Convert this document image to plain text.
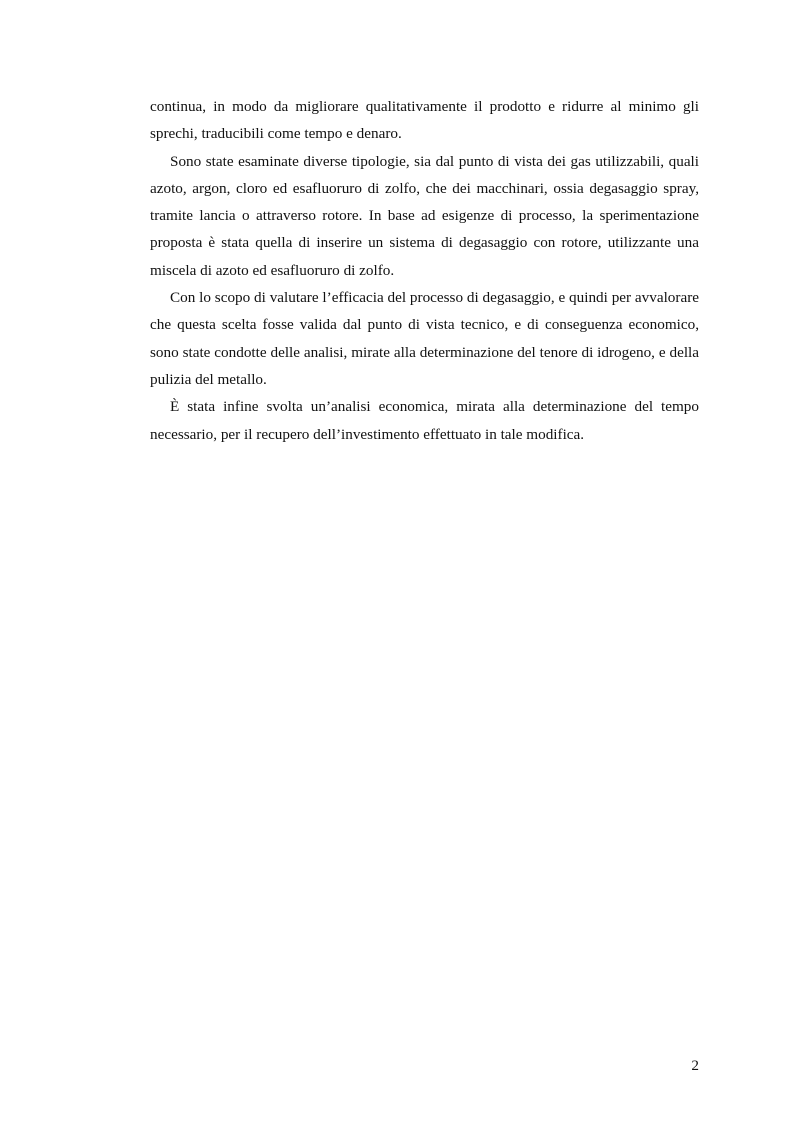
continua, in modo da migliorare qualitativamente il prodotto e ridurre al minimo gli sprechi, traducibili come tempo e denaro.

Sono state esaminate diverse tipologie, sia dal punto di vista dei gas utilizzabili, quali azoto, argon, cloro ed esafluoruro di zolfo, che dei macchinari, ossia degasaggio spray, tramite lancia o attraverso rotore. In base ad esigenze di processo, la sperimentazione proposta è stata quella di inserire un sistema di degasaggio con rotore, utilizzante una miscela di azoto ed esafluoruro di zolfo.

Con lo scopo di valutare l’efficacia del processo di degasaggio, e quindi per avvalorare che questa scelta fosse valida dal punto di vista tecnico, e di conseguenza economico, sono state condotte delle analisi, mirate alla determinazione del tenore di idrogeno, e della pulizia del metallo.

È stata infine svolta un’analisi economica, mirata alla determinazione del tempo necessario, per il recupero dell’investimento effettuato in tale modifica.

2
